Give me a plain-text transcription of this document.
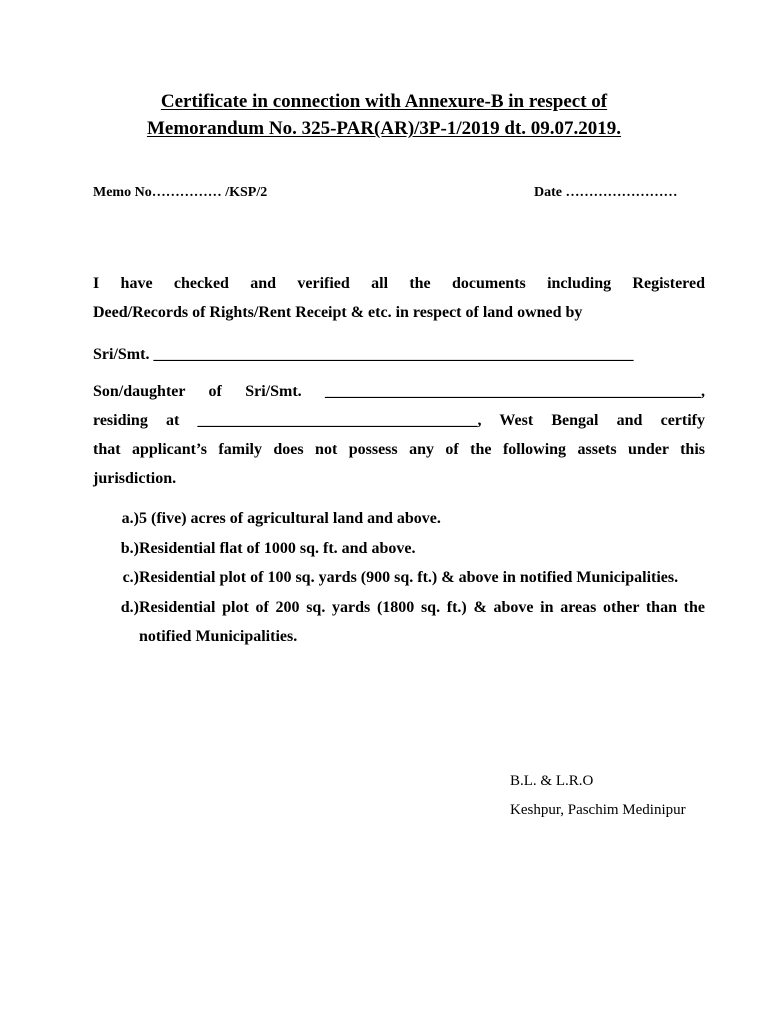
Certificate in connection with Annexure-B in respect of
Memorandum No. 325-PAR(AR)/3P-1/2019 dt. 09.07.2019.
Memo No…………… /KSP/2	Date ……………………
I have checked and verified all the documents including Registered
Deed/Records of Rights/Rent Receipt & etc. in respect of land owned by
Sri/Smt. ____________________________________________________________
Son/daughter of Sri/Smt. _______________________________________________,
residing at ___________________________________, West Bengal and certify
that applicant’s family does not possess any of the following assets under this
jurisdiction.
a.) 5 (five) acres of agricultural land and above.
b.) Residential flat of 1000 sq. ft. and above.
c.) Residential plot of 100 sq. yards (900 sq. ft.) & above in notified Municipalities.
d.) Residential plot of 200 sq. yards (1800 sq. ft.) & above in areas other than the notified Municipalities.
B.L. & L.R.O
Keshpur, Paschim Medinipur
